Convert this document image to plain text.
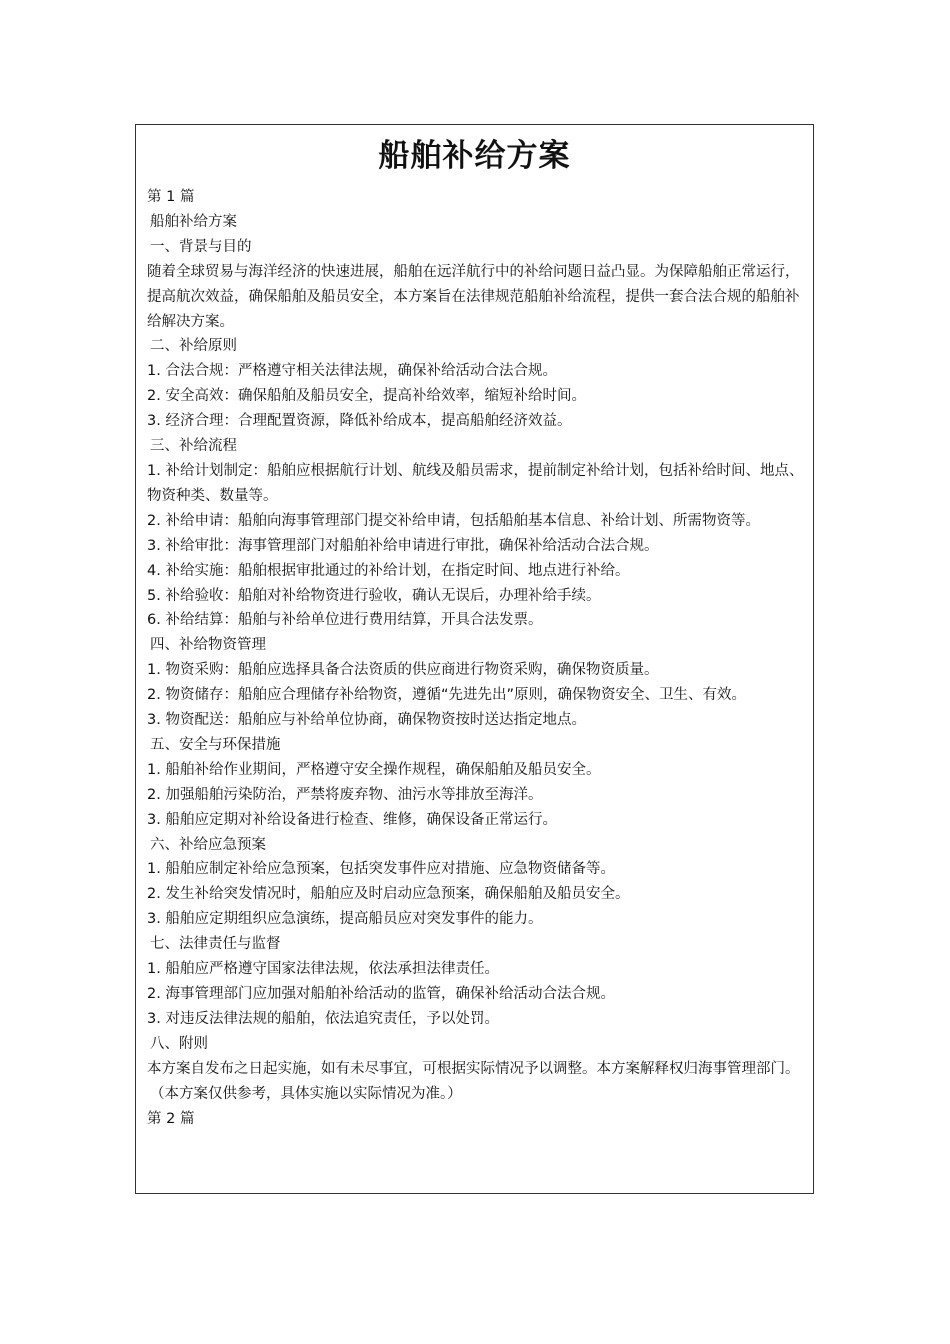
船舶补给方案
第 1 篇
船舶补给方案
一、背景与目的
随着全球贸易与海洋经济的快速进展，船舶在远洋航行中的补给问题日益凸显。为保障船舶正常运行，提高航次效益，确保船舶及船员安全，本方案旨在法律规范船舶补给流程，提供一套合法合规的船舶补给解决方案。
二、补给原则
1. 合法合规：严格遵守相关法律法规，确保补给活动合法合规。
2. 安全高效：确保船舶及船员安全，提高补给效率，缩短补给时间。
3. 经济合理：合理配置资源，降低补给成本，提高船舶经济效益。
三、补给流程
1. 补给计划制定：船舶应根据航行计划、航线及船员需求，提前制定补给计划，包括补给时间、地点、物资种类、数量等。
2. 补给申请：船舶向海事管理部门提交补给申请，包括船舶基本信息、补给计划、所需物资等。
3. 补给审批：海事管理部门对船舶补给申请进行审批，确保补给活动合法合规。
4. 补给实施：船舶根据审批通过的补给计划，在指定时间、地点进行补给。
5. 补给验收：船舶对补给物资进行验收，确认无误后，办理补给手续。
6. 补给结算：船舶与补给单位进行费用结算，开具合法发票。
四、补给物资管理
1. 物资采购：船舶应选择具备合法资质的供应商进行物资采购，确保物资质量。
2. 物资储存：船舶应合理储存补给物资，遵循“先进先出”原则，确保物资安全、卫生、有效。
3. 物资配送：船舶应与补给单位协商，确保物资按时送达指定地点。
五、安全与环保措施
1. 船舶补给作业期间，严格遵守安全操作规程，确保船舶及船员安全。
2. 加强船舶污染防治，严禁将废弃物、油污水等排放至海洋。
3. 船舶应定期对补给设备进行检查、维修，确保设备正常运行。
六、补给应急预案
1. 船舶应制定补给应急预案，包括突发事件应对措施、应急物资储备等。
2. 发生补给突发情况时，船舶应及时启动应急预案，确保船舶及船员安全。
3. 船舶应定期组织应急演练，提高船员应对突发事件的能力。
七、法律责任与监督
1. 船舶应严格遵守国家法律法规，依法承担法律责任。
2. 海事管理部门应加强对船舶补给活动的监管，确保补给活动合法合规。
3. 对违反法律法规的船舶，依法追究责任，予以处罚。
八、附则
本方案自发布之日起实施，如有未尽事宜，可根据实际情况予以调整。本方案解释权归海事管理部门。
（本方案仅供参考，具体实施以实际情况为准。）
第 2 篇
